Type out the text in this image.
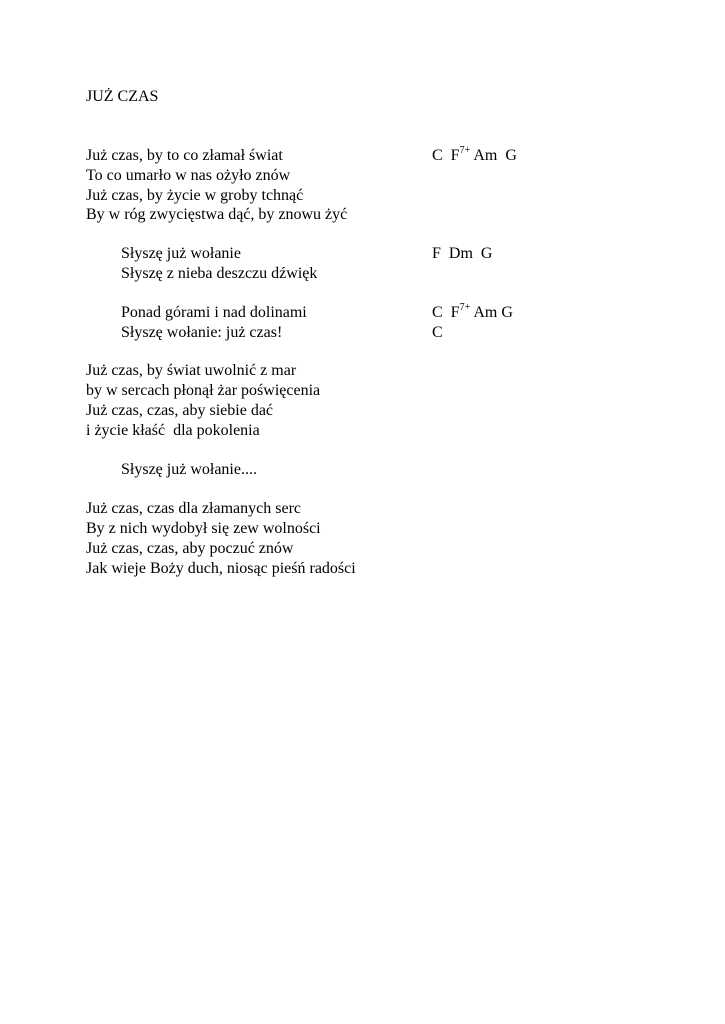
JUŻ CZAS
Już czas, by to co złamał świat
To co umarło w nas ożyło znów
Już czas, by życie w groby tchnąć
By w róg zwycięstwa dąć, by znowu żyć
C  $F^{7+}$ Am  G
Słyszę już wołanie
Słyszę z nieba deszczu dźwięk
F  Dm  G
Ponad górami i nad dolinami
Słyszę wołanie: już czas!
C  $F^{7+}$ Am G
C
Już czas, by świat uwolnić z mar
by w sercach płonął żar poświęcenia
Już czas, czas, aby siebie dać
i życie kłaść  dla pokolenia
Słyszę już wołanie....
Już czas, czas dla złamanych serc
By z nich wydobył się zew wolności
Już czas, czas, aby poczuć znów
Jak wieje Boży duch, niosąc pieśń radości
